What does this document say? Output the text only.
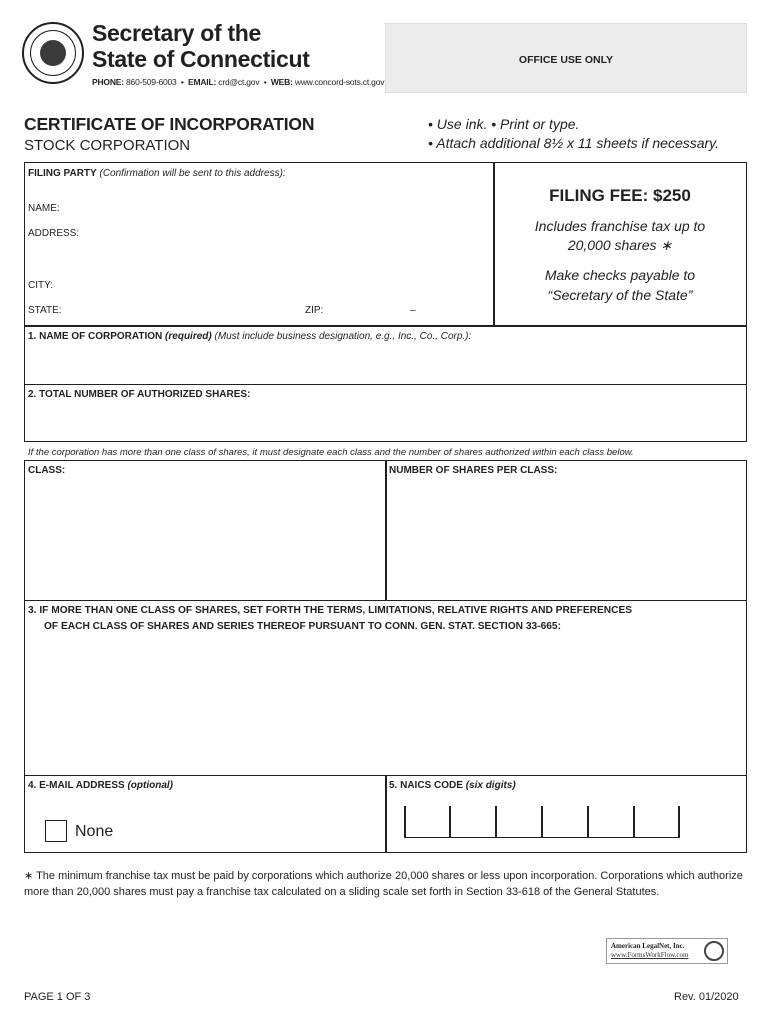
Secretary of the
State of Connecticut
PHONE: 860-509-6003  •  EMAIL: crd@ct.gov  •  WEB: www.concord-sots.ct.gov
OFFICE USE ONLY
CERTIFICATE OF INCORPORATION
STOCK CORPORATION
• Use ink. • Print or type.
• Attach additional 8½ x 11 sheets if necessary.
FILING PARTY (Confirmation will be sent to this address):
NAME:
ADDRESS:
CITY:
STATE:	ZIP:	–
FILING FEE: $250
Includes franchise tax up to
20,000 shares ∗
Make checks payable to
“Secretary of the State”
1. NAME OF CORPORATION (required) (Must include business designation, e.g., Inc., Co., Corp.):
2. TOTAL NUMBER OF AUTHORIZED SHARES:
If the corporation has more than one class of shares, it must designate each class and the number of shares authorized within each class below.
CLASS:	NUMBER OF SHARES PER CLASS:
3. IF MORE THAN ONE CLASS OF SHARES, SET FORTH THE TERMS, LIMITATIONS, RELATIVE RIGHTS AND PREFERENCES
OF EACH CLASS OF SHARES AND SERIES THEREOF PURSUANT TO CONN. GEN. STAT. SECTION 33-665:
4. E-MAIL ADDRESS (optional)
None
5. NAICS CODE (six digits)
∗ The minimum franchise tax must be paid by corporations which authorize 20,000 shares or less upon incorporation. Corporations which authorize more than 20,000 shares must pay a franchise tax calculated on a sliding scale set forth in Section 33-618 of the General Statutes.
American LegalNet, Inc.
www.FormsWorkFlow.com
PAGE 1 OF 3	Rev. 01/2020
